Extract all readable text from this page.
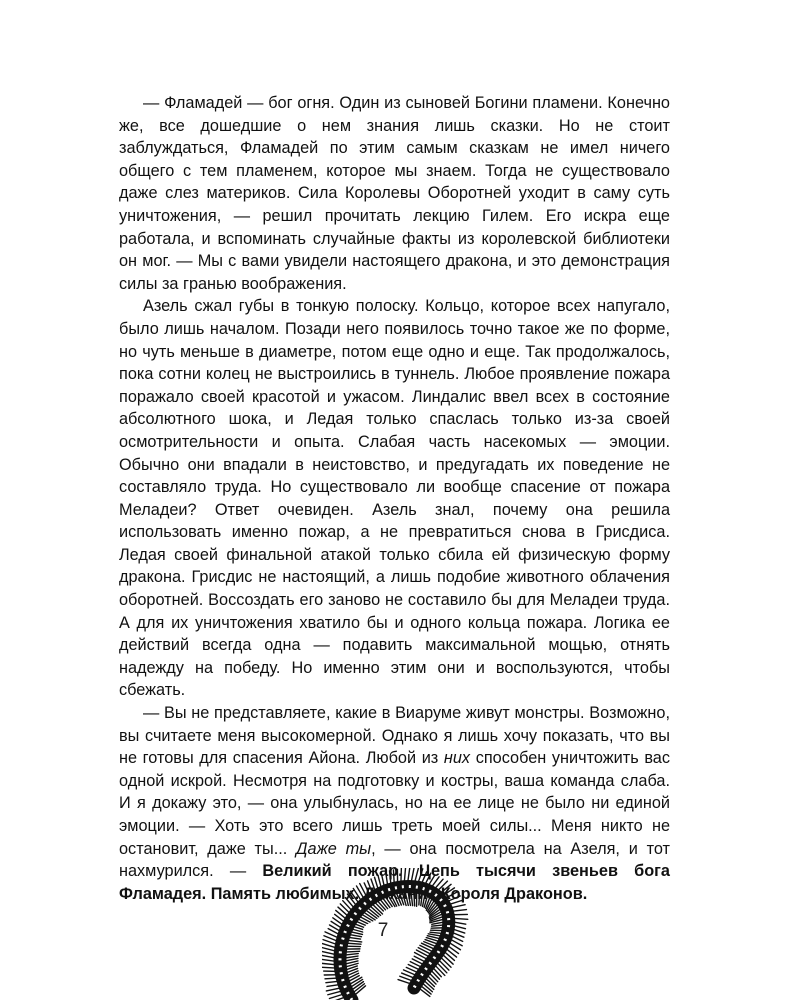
— Фламадей — бог огня. Один из сыновей Богини пламени. Конечно же, все дошедшие о нем знания лишь сказки. Но не стоит заблуждаться, Фламадей по этим самым сказкам не имел ничего общего с тем пламенем, которое мы знаем. Тогда не существовало даже слез материков. Сила Королевы Оборотней уходит в саму суть уничтожения, — решил прочитать лекцию Гилем. Его искра еще работала, и вспоминать случайные факты из королевской библиотеки он мог. — Мы с вами увидели настоящего дракона, и это демонстрация силы за гранью воображения.

Азель сжал губы в тонкую полоску. Кольцо, которое всех напугало, было лишь началом. Позади него появилось точно такое же по форме, но чуть меньше в диаметре, потом еще одно и еще. Так продолжалось, пока сотни колец не выстроились в туннель. Любое проявление пожара поражало своей красотой и ужасом. Линдалис ввел всех в состояние абсолютного шока, и Ледая только спаслась только из-за своей осмотрительности и опыта. Слабая часть насекомых — эмоции. Обычно они впадали в неистовство, и предугадать их поведение не составляло труда. Но существовало ли вообще спасение от пожара Меладеи? Ответ очевиден. Азель знал, почему она решила использовать именно пожар, а не превратиться снова в Грисдиса. Ледая своей финальной атакой только сбила ей физическую форму дракона. Грисдис не настоящий, а лишь подобие животного облачения оборотней. Воссоздать его заново не составило бы для Меладеи труда. А для их уничтожения хватило бы и одного кольца пожара. Логика ее действий всегда одна — подавить максимальной мощью, отнять надежду на победу. Но именно этим они и воспользуются, чтобы сбежать.

— Вы не представляете, какие в Виаруме живут монстры. Возможно, вы считаете меня высокомерной. Однако я лишь хочу показать, что вы не готовы для спасения Айона. Любой из них способен уничтожить вас одной искрой. Несмотря на подготовку и костры, ваша команда слаба. И я докажу это, — она улыбнулась, но на ее лице не было ни единой эмоции. — Хоть это всего лишь треть моей силы... Меня никто не остановит, даже ты... Даже ты, — она посмотрела на Азеля, и тот нахмурился. — Великий пожар. Цепь тысячи звеньев бога Фламадея. Память любимых. Дыхание Короля Драконов.

7
